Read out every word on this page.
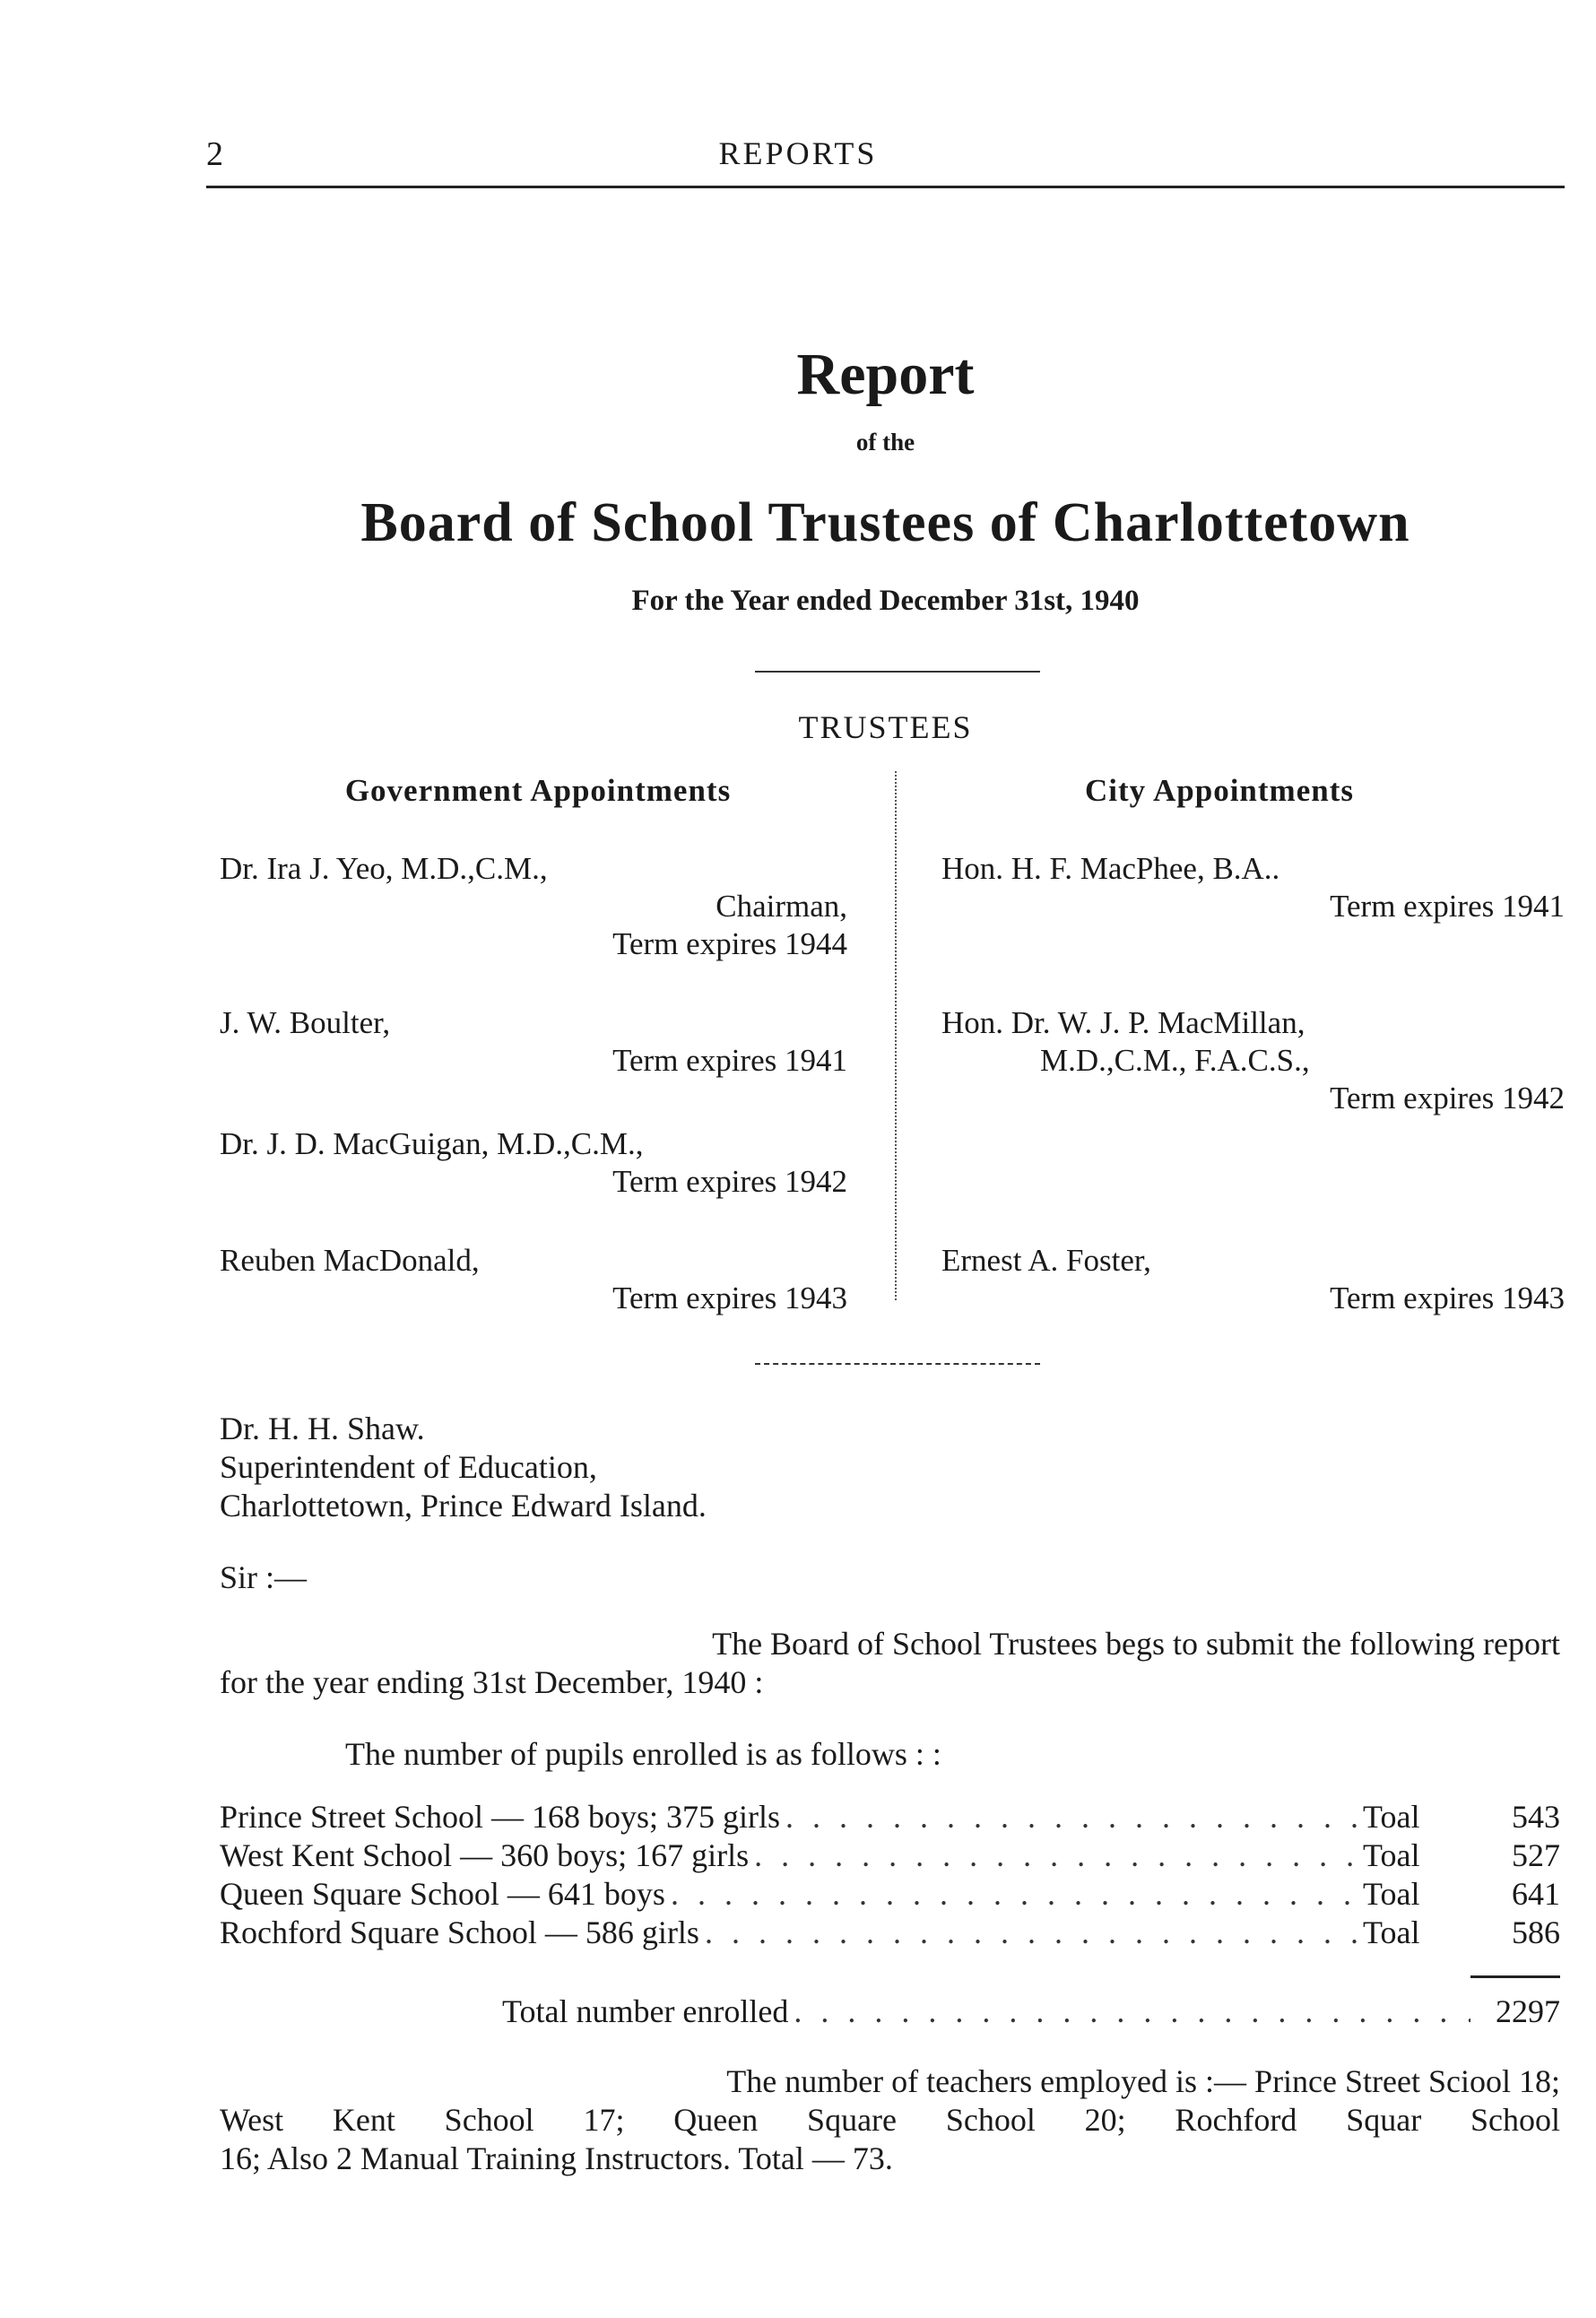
2	REPORTS
Report
of the
Board of School Trustees of Charlottetown
For the Year ended December 31st, 1940
TRUSTEES
Government Appointments	City Appointments
Dr. Ira J. Yeo, M.D.,C.M.,
Chairman,
Term expires 1944
J. W. Boulter,
Term expires 1941
Dr. J. D. MacGuigan, M.D.,C.M.,
Term expires 1942
Reuben MacDonald,
Term expires 1943
Hon. H. F. MacPhee, B.A..
Term expires 1941
Hon. Dr. W. J. P. MacMillan,
M.D.,C.M., F.A.C.S.,
Term expires 1942
Ernest A. Foster,
Term expires 1943
Dr. H. H. Shaw.
Superintendent of Education,
Charlottetown, Prince Edward Island.
Sir :—
The Board of School Trustees begs to submit the following report
for the year ending 31st December, 1940 :
The number of pupils enrolled is as follows : :
Prince Street School — 168 boys; 375 girls . . .	Toal	543
West Kent School — 360 boys; 167 girls . . .	Toal	527
Queen Square School — 641 boys . . .	Toal	641
Rochford Square School — 586 girls . . .	Toal	586
Total number enrolled . . .	2297
The number of teachers employed is :— Prince Street Sciool 18;
West Kent School 17; Queen Square School 20; Rochford Squar School
16; Also 2 Manual Training Instructors. Total — 73.
